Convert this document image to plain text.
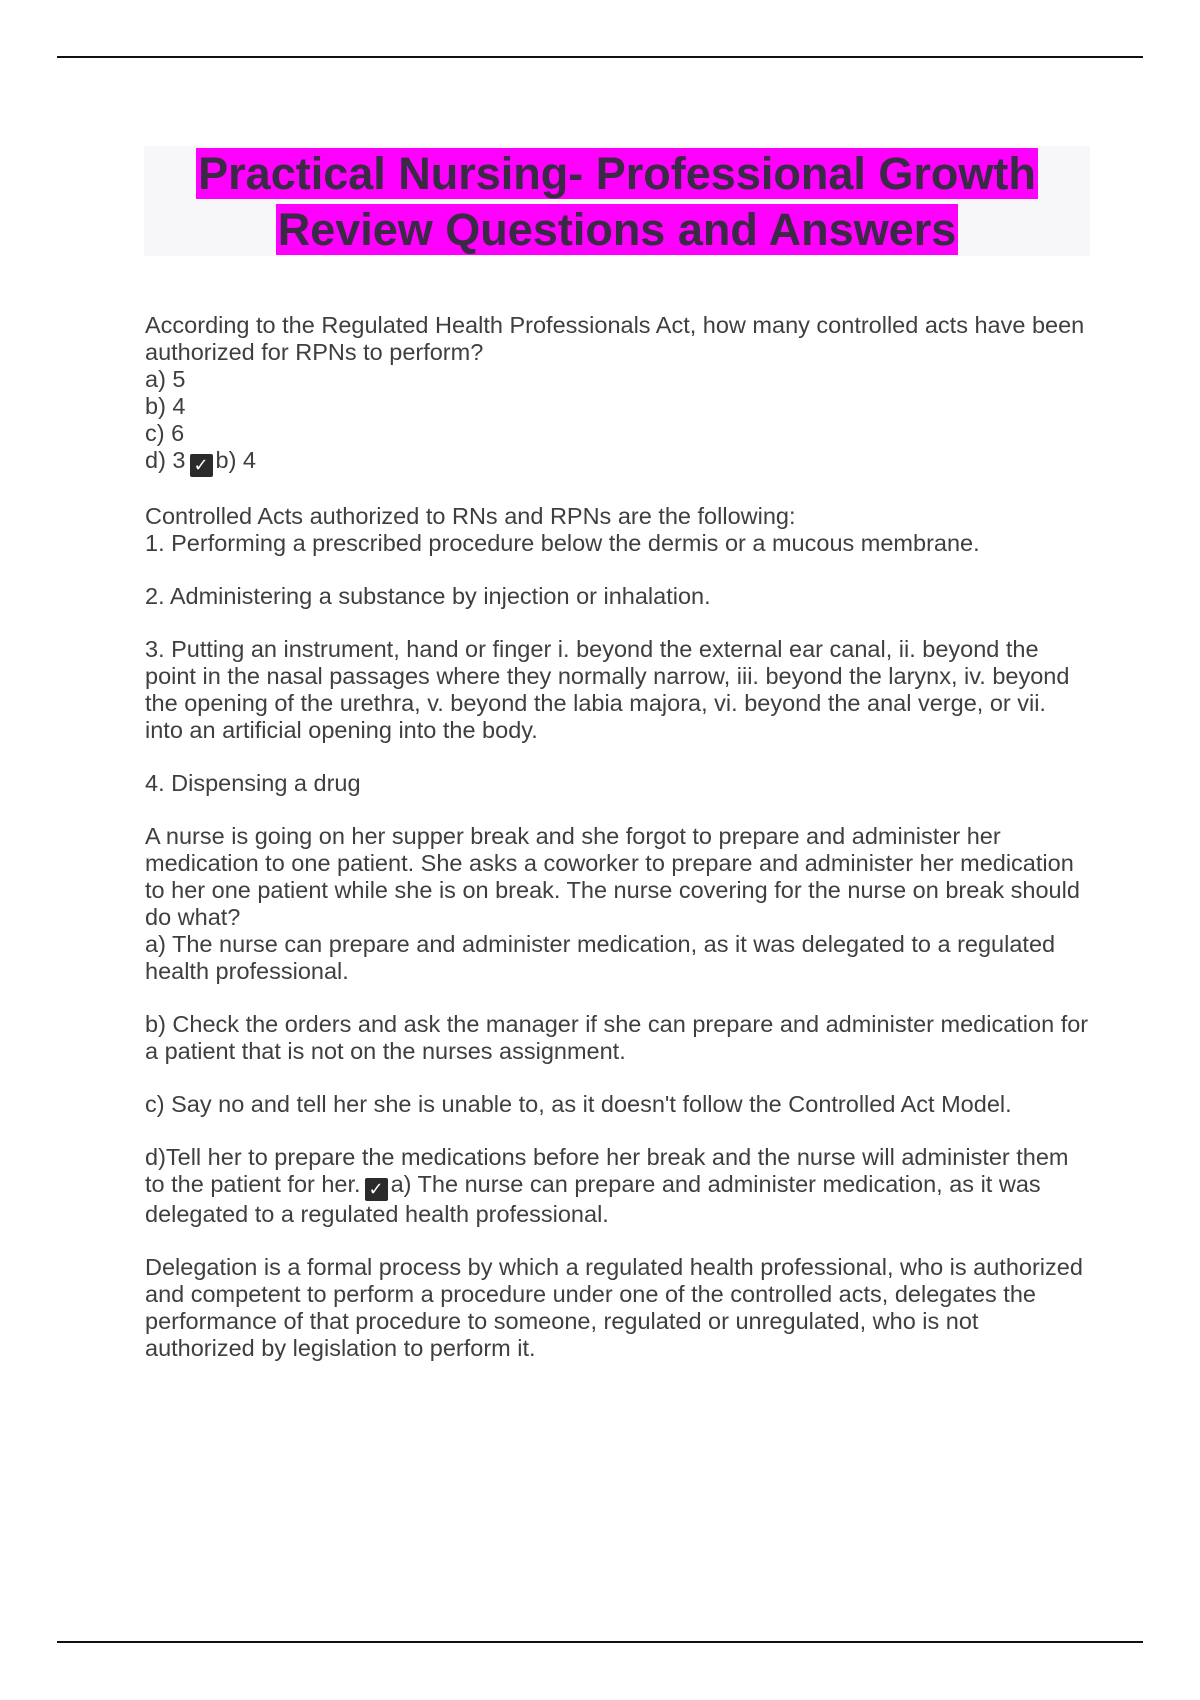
Practical Nursing- Professional Growth
Review Questions and Answers
According to the Regulated Health Professionals Act, how many controlled acts have been authorized for RPNs to perform?
a) 5
b) 4
c) 6
d) 3 ✓ b) 4
Controlled Acts authorized to RNs and RPNs are the following:
1. Performing a prescribed procedure below the dermis or a mucous membrane.
2. Administering a substance by injection or inhalation.
3. Putting an instrument, hand or finger i. beyond the external ear canal, ii. beyond the point in the nasal passages where they normally narrow, iii. beyond the larynx, iv. beyond the opening of the urethra, v. beyond the labia majora, vi. beyond the anal verge, or vii. into an artificial opening into the body.
4. Dispensing a drug
A nurse is going on her supper break and she forgot to prepare and administer her medication to one patient. She asks a coworker to prepare and administer her medication to her one patient while she is on break. The nurse covering for the nurse on break should do what?
a) The nurse can prepare and administer medication, as it was delegated to a regulated health professional.
b) Check the orders and ask the manager if she can prepare and administer medication for a patient that is not on the nurses assignment.
c) Say no and tell her she is unable to, as it doesn't follow the Controlled Act Model.
d)Tell her to prepare the medications before her break and the nurse will administer them to the patient for her. ✓ a) The nurse can prepare and administer medication, as it was delegated to a regulated health professional.
Delegation is a formal process by which a regulated health professional, who is authorized and competent to perform a procedure under one of the controlled acts, delegates the performance of that procedure to someone, regulated or unregulated, who is not authorized by legislation to perform it.
